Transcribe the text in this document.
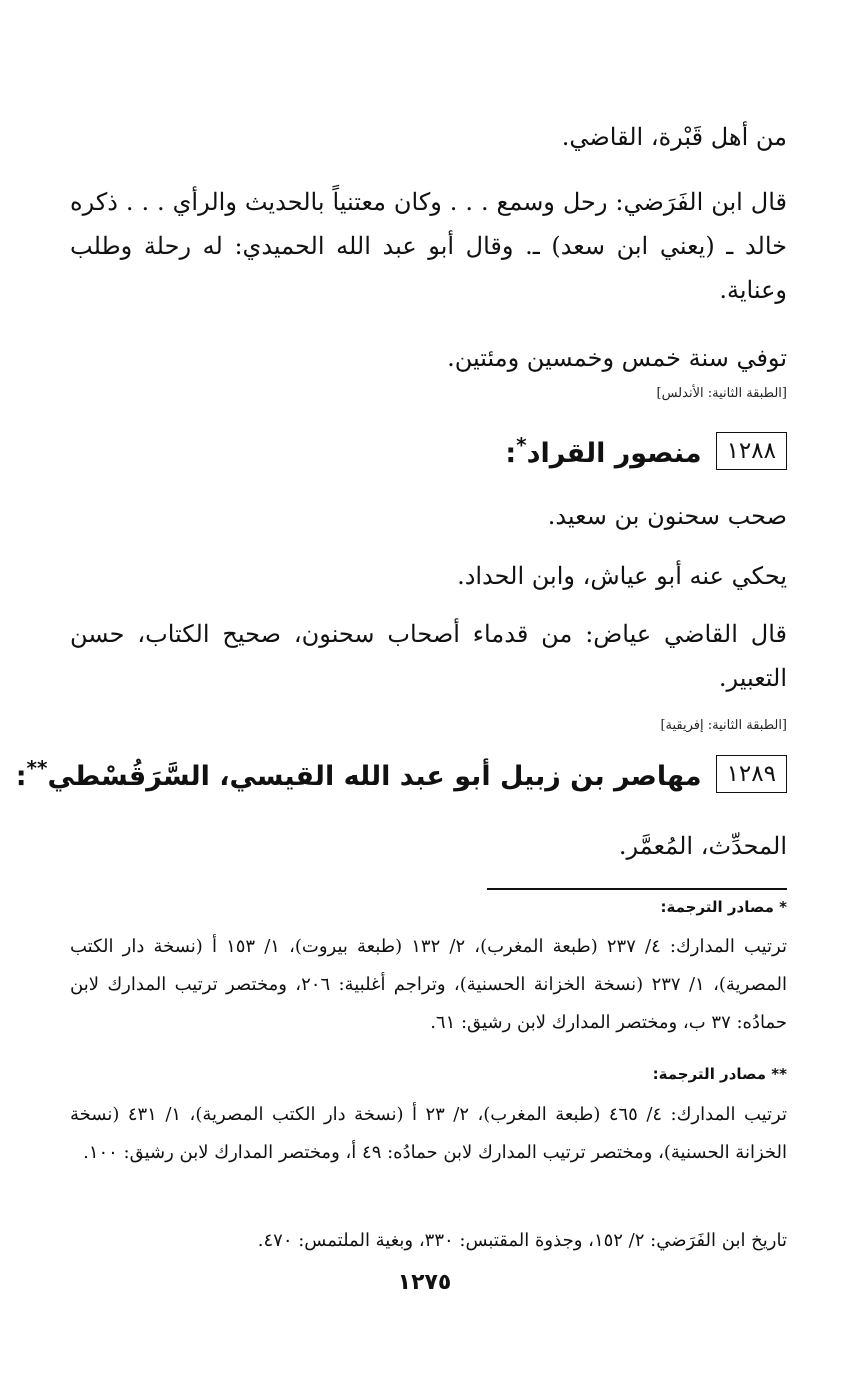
من أهل قَبْرة، القاضي.
قال ابن الفَرَضي: رحل وسمع . . . وكان معتنياً بالحديث والرأي . . . ذكره خالد ـ (يعني ابن سعد) ـ. وقال أبو عبد الله الحميدي: له رحلة وطلب وعناية.
توفي سنة خمس وخمسين ومئتين.
[الطبقة الثانية: الأندلس]
١٢٨٨
منصور القراد*:
صحب سحنون بن سعيد.
يحكي عنه أبو عياش، وابن الحداد.
قال القاضي عياض: من قدماء أصحاب سحنون، صحيح الكتاب، حسن التعبير.
[الطبقة الثانية: إفريقية]
١٢٨٩
مهاصر بن زبيل أبو عبد الله القيسي، السَّرَقُسْطي**:
المحدِّث، المُعمَّر.
* مصادر الترجمة:
ترتيب المدارك: ٤/ ٢٣٧ (طبعة المغرب)، ٢/ ١٣٢ (طبعة بيروت)، ١/ ١٥٣ أ (نسخة دار الكتب المصرية)، ١/ ٢٣٧ (نسخة الخزانة الحسنية)، وتراجم أغلبية: ٢٠٦، ومختصر ترتيب المدارك لابن حمادُه: ٣٧ ب، ومختصر المدارك لابن رشيق: ٦١.
** مصادر الترجمة:
ترتيب المدارك: ٤/ ٤٦٥ (طبعة المغرب)، ٢/ ٢٣ أ (نسخة دار الكتب المصرية)، ١/ ٤٣١ (نسخة الخزانة الحسنية)، ومختصر ترتيب المدارك لابن حمادُه: ٤٩ أ، ومختصر المدارك لابن رشيق: ١٠٠.
تاريخ ابن الفَرَضي: ٢/ ١٥٢، وجذوة المقتبس: ٣٣٠، وبغية الملتمس: ٤٧٠.
١٢٧٥
